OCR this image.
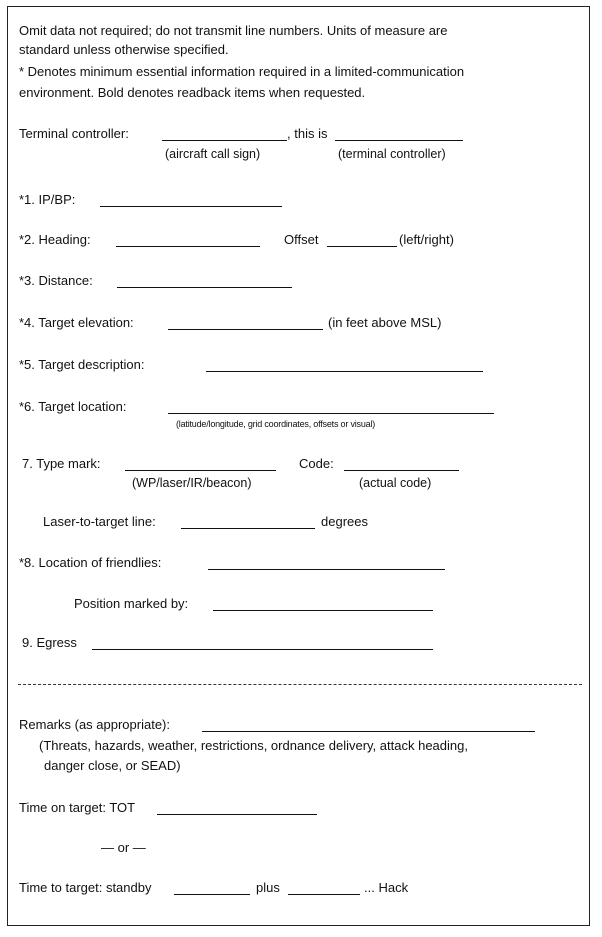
Omit data not required; do not transmit line numbers. Units of measure are
standard unless otherwise specified.
* Denotes minimum essential information required in a limited-communication
environment. Bold denotes readback items when requested.
Terminal controller:	, this is
(aircraft call sign)	(terminal controller)
*1. IP/BP:
*2. Heading:	Offset	(left/right)
*3. Distance:
*4. Target elevation:	(in feet above MSL)
*5. Target description:
*6. Target location:
(latitude/longitude, grid coordinates, offsets or visual)
7. Type mark:	Code:
(WP/laser/IR/beacon)	(actual code)
Laser-to-target line:	degrees
*8. Location of friendlies:
Position marked by:
9. Egress
Remarks (as appropriate):
(Threats, hazards, weather, restrictions, ordnance delivery, attack heading,
danger close, or SEAD)
Time on target: TOT
— or —
Time to target: standby	plus	... Hack
